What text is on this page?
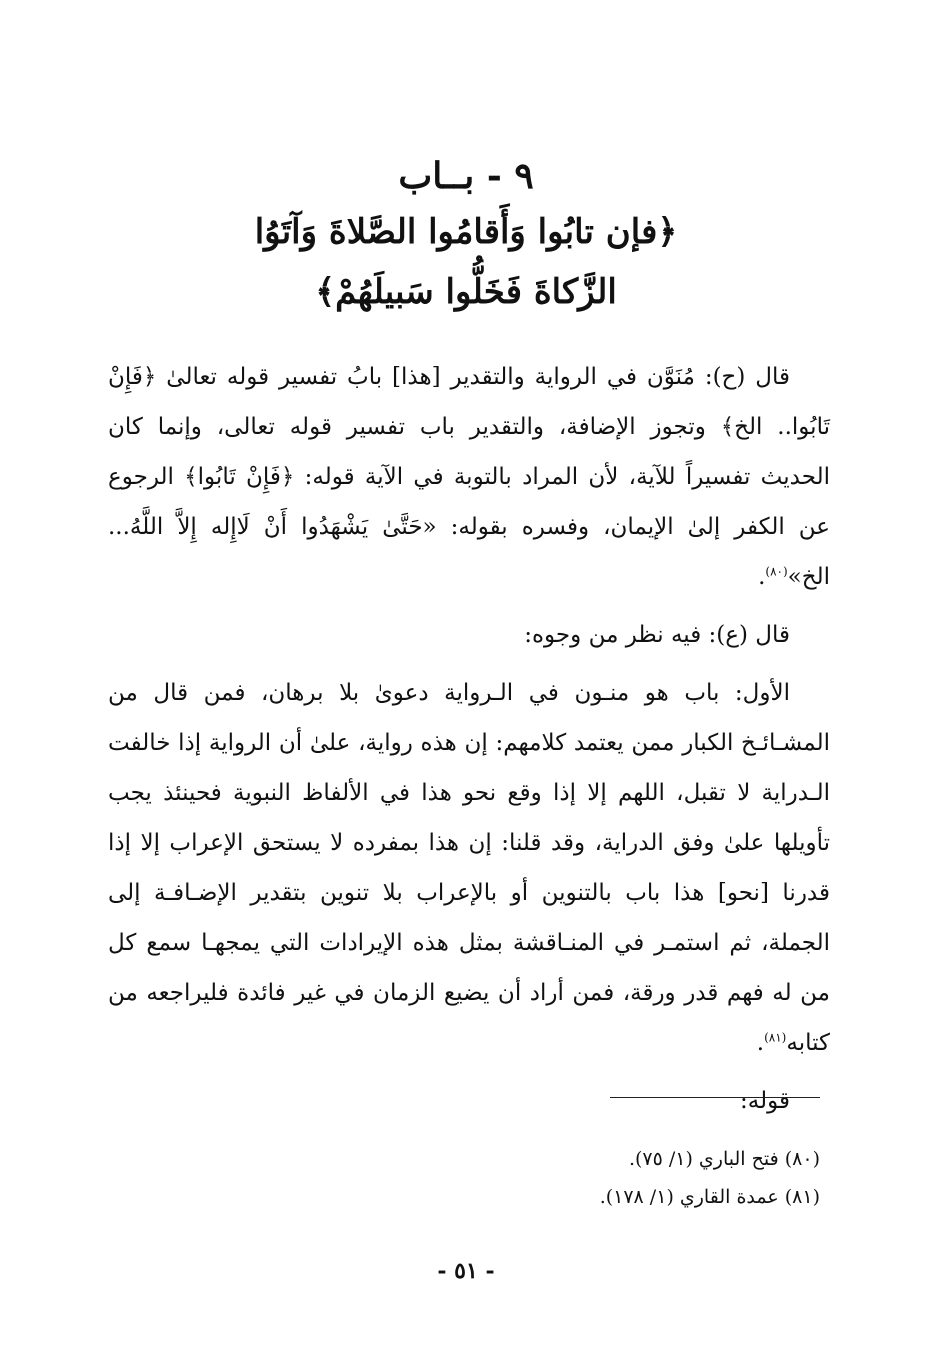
٩ - بــاب
﴿فإن تابُوا وَأَقامُوا الصَّلاةَ وَآتَوُا
الزَّكاةَ فَخَلُّوا سَبيلَهُمْ﴾

قال (ح): مُنَوَّن في الرواية والتقدير [هذا] بابُ تفسير قوله تعالىٰ ﴿فَإِنْ تَابُوا.. الخ﴾ وتجوز الإضافة، والتقدير باب تفسير قوله تعالى، وإنما كان الحديث تفسيراً للآية، لأن المراد بالتوبة في الآية قوله: ﴿فَإِنْ تَابُوا﴾ الرجوع عن الكفر إلىٰ الإيمان، وفسره بقوله: «حَتَّىٰ يَشْهَدُوا أَنْ لَاإِله إِلاَّ اللَّهُ... الخ»$^{(٨٠)}$.

قال (ع): فيه نظر من وجوه:

الأول: باب هو منـون في الـرواية دعوىٰ بلا برهان، فمن قال من المشـائـخ الكبار ممن يعتمد كلامهم: إن هذه رواية، علىٰ أن الرواية إذا خالفت الـدراية لا تقبل، اللهم إلا إذا وقع نحو هذا في الألفاظ النبوية فحينئذ يجب تأويلها علىٰ وفق الدراية، وقد قلنا: إن هذا بمفرده لا يستحق الإعراب إلا إذا قدرنا [نحو] هذا باب بالتنوين أو بالإعراب بلا تنوين بتقدير الإضـافـة إلى الجملة، ثم استمـر في المنـاقشة بمثل هذه الإيرادات التي يمجهـا سمع كل من له فهم قدر ورقة، فمن أراد أن يضيع الزمان في غير فائدة فليراجعه من كتابه$^{(٨١)}$.

قوله:

(٨٠) فتح الباري (١/ ٧٥).
(٨١) عمدة القاري (١/ ١٧٨).
- ٥١ -
